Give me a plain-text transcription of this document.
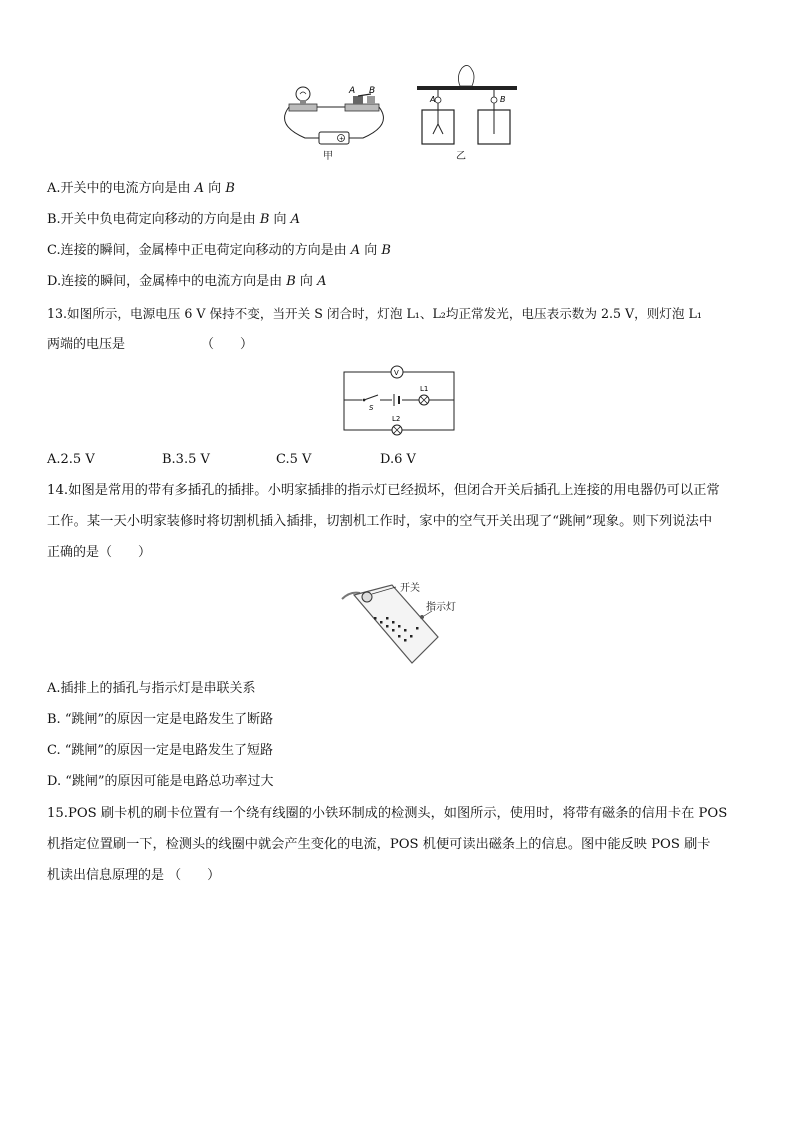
+
A B
甲
A	B
乙
A.开关中的电流方向是由 A 向 B
B.开关中负电荷定向移动的方向是由 B 向 A
C.连接的瞬间，金属棒中正电荷定向移动的方向是由 A 向 B
D.连接的瞬间，金属棒中的电流方向是由 B 向 A
13.如图所示，电源电压 6 V 保持不变，当开关 S 闭合时，灯泡 L₁、L₂均正常发光，电压表示数为 2.5 V，则灯泡 L₁
两端的电压是	（　　）
V
S
L1
L2
A.2.5 V	B.3.5 V	C.5 V	D.6 V
14.如图是常用的带有多插孔的插排。小明家插排的指示灯已经损坏，但闭合开关后插孔上连接的用电器仍可以正常
工作。某一天小明家装修时将切割机插入插排，切割机工作时，家中的空气开关出现了“跳闸”现象。则下列说法中
正确的是（　　）
开关
指示灯
A.插排上的插孔与指示灯是串联关系
B. “跳闸”的原因一定是电路发生了断路
C. “跳闸”的原因一定是电路发生了短路
D. “跳闸”的原因可能是电路总功率过大
15.POS 刷卡机的刷卡位置有一个绕有线圈的小铁环制成的检测头，如图所示，使用时，将带有磁条的信用卡在 POS
机指定位置刷一下，检测头的线圈中就会产生变化的电流，POS 机便可读出磁条上的信息。图中能反映 POS 刷卡
机读出信息原理的是 （　　）
